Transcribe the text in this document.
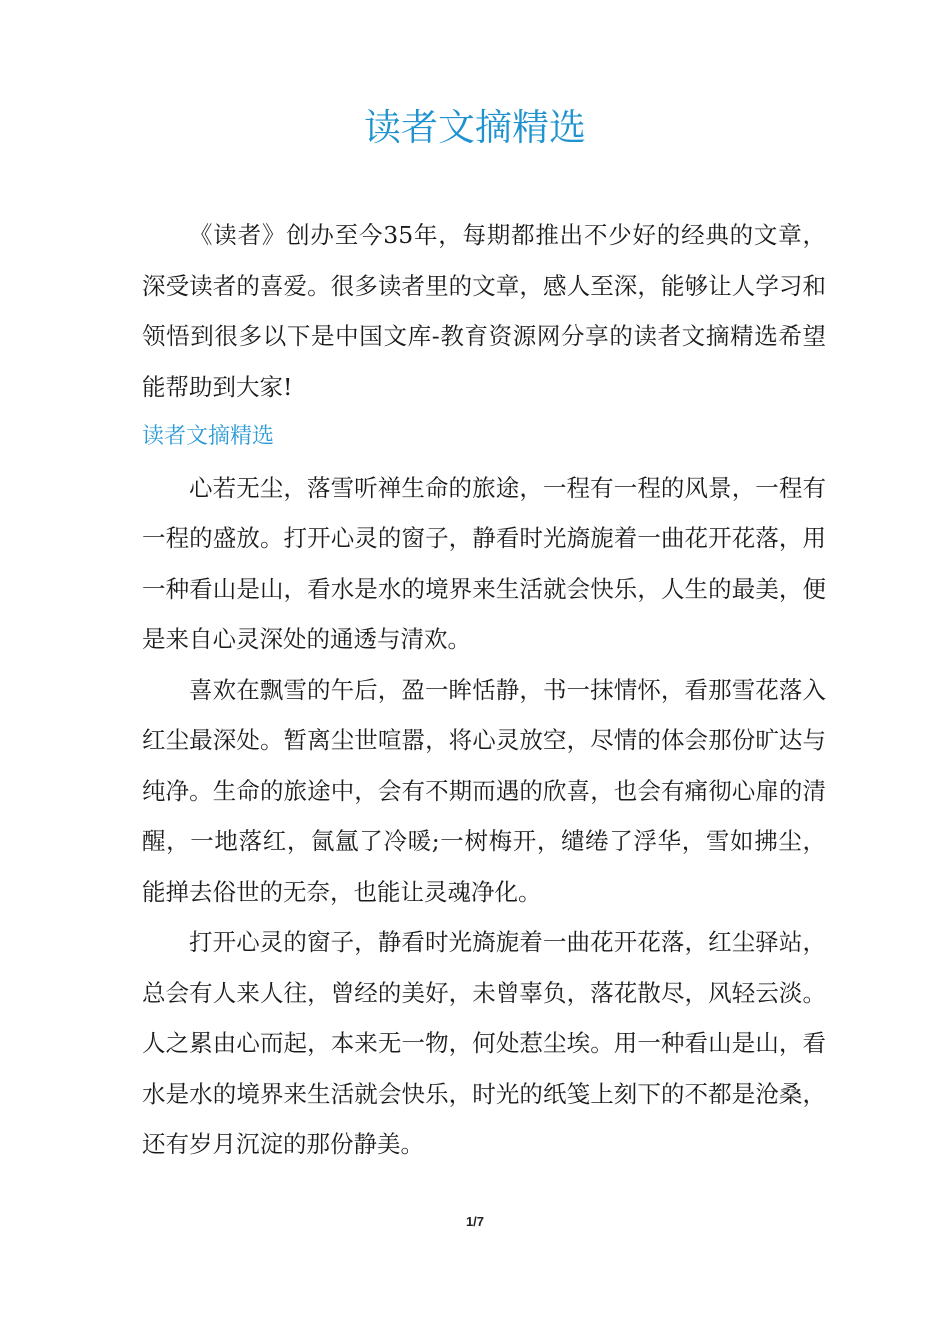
读者文摘精选

《读者》创办至今35年，每期都推出不少好的经典的文章，深受读者的喜爱。很多读者里的文章，感人至深，能够让人学习和领悟到很多以下是中国文库-教育资源网分享的读者文摘精选希望能帮助到大家!

读者文摘精选

心若无尘，落雪听禅生命的旅途，一程有一程的风景，一程有一程的盛放。打开心灵的窗子，静看时光旖旎着一曲花开花落，用一种看山是山，看水是水的境界来生活就会快乐，人生的最美，便是来自心灵深处的通透与清欢。

喜欢在飘雪的午后，盈一眸恬静，书一抹情怀，看那雪花落入红尘最深处。暂离尘世喧嚣，将心灵放空，尽情的体会那份旷达与纯净。生命的旅途中，会有不期而遇的欣喜，也会有痛彻心扉的清醒，一地落红，氤氲了冷暖;一树梅开，缱绻了浮华，雪如拂尘，能掸去俗世的无奈，也能让灵魂净化。

打开心灵的窗子，静看时光旖旎着一曲花开花落，红尘驿站，总会有人来人往，曾经的美好，未曾辜负，落花散尽，风轻云淡。人之累由心而起，本来无一物，何处惹尘埃。用一种看山是山，看水是水的境界来生活就会快乐，时光的纸笺上刻下的不都是沧桑，还有岁月沉淀的那份静美。

1/7
